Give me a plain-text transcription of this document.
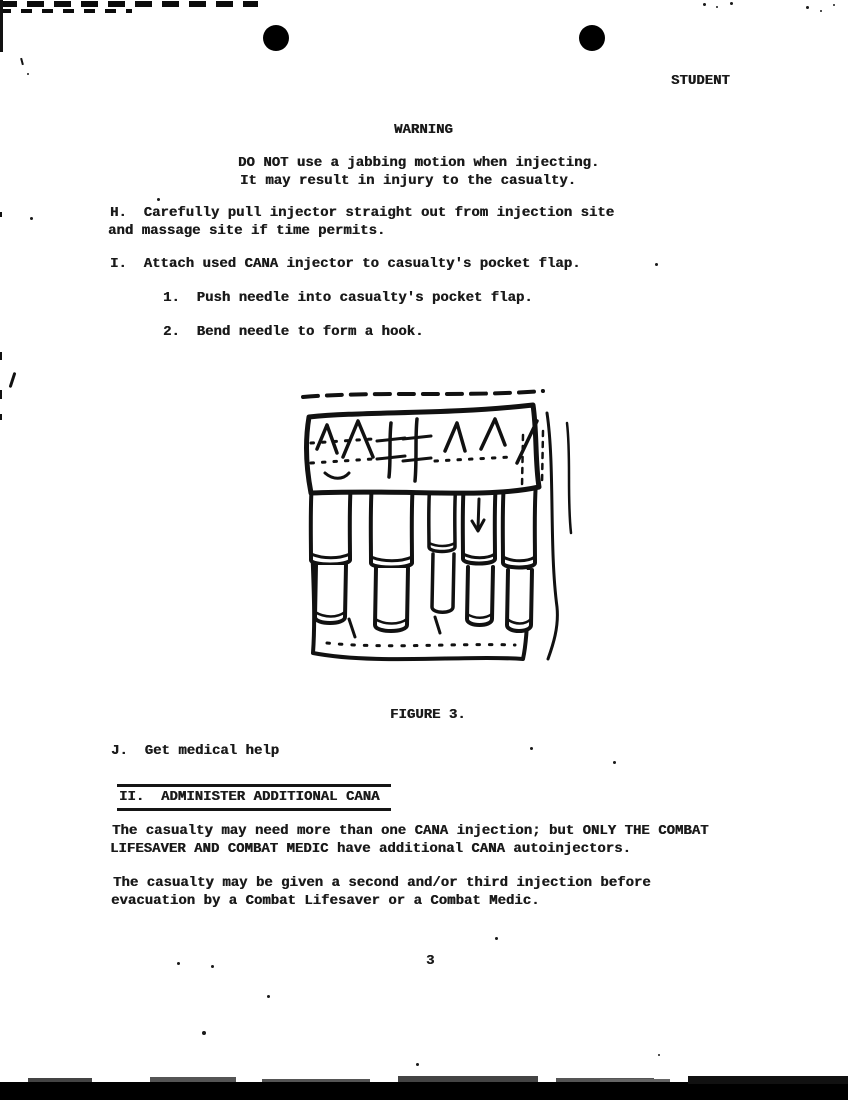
STUDENT
WARNING
DO NOT use a jabbing motion when injecting.
It may result in injury to the casualty.
H.  Carefully pull injector straight out from injection site
and massage site if time permits.
I.  Attach used CANA injector to casualty's pocket flap.
1.  Push needle into casualty's pocket flap.
2.  Bend needle to form a hook.
FIGURE 3.
J.  Get medical help
II.  ADMINISTER ADDITIONAL CANA
The casualty may need more than one CANA injection; but ONLY THE COMBAT
LIFESAVER AND COMBAT MEDIC have additional CANA autoinjectors.
The casualty may be given a second and/or third injection before
evacuation by a Combat Lifesaver or a Combat Medic.
3
